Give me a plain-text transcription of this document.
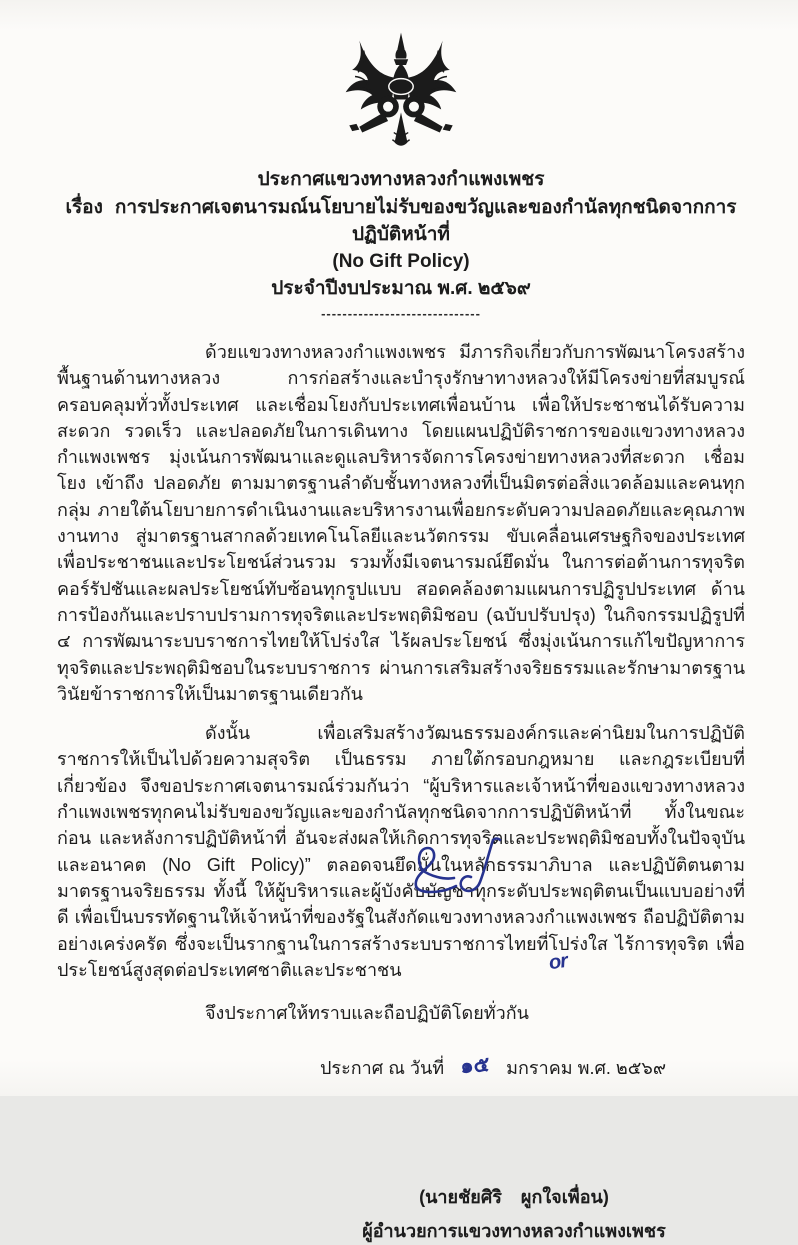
ประกาศแขวงทางหลวงกำแพงเพชร
เรื่อง การประกาศเจตนารมณ์นโยบายไม่รับของขวัญและของกำนัลทุกชนิดจากการปฏิบัติหน้าที่
(No Gift Policy)
ประจำปีงบประมาณ พ.ศ. ๒๕๖๙
------------------------------

ด้วยแขวงทางหลวงกำแพงเพชร มีภารกิจเกี่ยวกับการพัฒนาโครงสร้างพื้นฐานด้านทางหลวง การก่อสร้างและบำรุงรักษาทางหลวงให้มีโครงข่ายที่สมบูรณ์ครอบคลุมทั่วทั้งประเทศ และเชื่อมโยงกับประเทศเพื่อนบ้าน เพื่อให้ประชาชนได้รับความสะดวก รวดเร็ว และปลอดภัยในการเดินทาง โดยแผนปฏิบัติราชการของแขวงทางหลวงกำแพงเพชร มุ่งเน้นการพัฒนาและดูแลบริหารจัดการโครงข่ายทางหลวงที่สะดวก เชื่อมโยง เข้าถึง ปลอดภัย ตามมาตรฐานลำดับชั้นทางหลวงที่เป็นมิตรต่อสิ่งแวดล้อมและคนทุกกลุ่ม ภายใต้นโยบายการดำเนินงานและบริหารงานเพื่อยกระดับความปลอดภัยและคุณภาพงานทาง สู่มาตรฐานสากลด้วยเทคโนโลยีและนวัตกรรม ขับเคลื่อนเศรษฐกิจของประเทศ เพื่อประชาชนและประโยชน์ส่วนรวม รวมทั้งมีเจตนารมณ์ยึดมั่น ในการต่อต้านการทุจริตคอร์รัปชันและผลประโยชน์ทับซ้อนทุกรูปแบบ สอดคล้องตามแผนการปฏิรูปประเทศ ด้านการป้องกันและปราบปรามการทุจริตและประพฤติมิชอบ (ฉบับปรับปรุง) ในกิจกรรมปฏิรูปที่ ๔ การพัฒนาระบบราชการไทยให้โปร่งใส ไร้ผลประโยชน์ ซึ่งมุ่งเน้นการแก้ไขปัญหาการทุจริตและประพฤติมิชอบในระบบราชการ ผ่านการเสริมสร้างจริยธรรมและรักษามาตรฐานวินัยข้าราชการให้เป็นมาตรฐานเดียวกัน

ดังนั้น เพื่อเสริมสร้างวัฒนธรรมองค์กรและค่านิยมในการปฏิบัติราชการให้เป็นไปด้วยความสุจริต เป็นธรรม ภายใต้กรอบกฎหมาย และกฎระเบียบที่เกี่ยวข้อง จึงขอประกาศเจตนารมณ์ร่วมกันว่า “ผู้บริหารและเจ้าหน้าที่ของแขวงทางหลวงกำแพงเพชรทุกคนไม่รับของขวัญและของกำนัลทุกชนิดจากการปฏิบัติหน้าที่ ทั้งในขณะ ก่อน และหลังการปฏิบัติหน้าที่ อันจะส่งผลให้เกิดการทุจริตและประพฤติมิชอบทั้งในปัจจุบันและอนาคต (No Gift Policy)” ตลอดจนยึดมั่นในหลักธรรมาภิบาล และปฏิบัติตนตามมาตรฐานจริยธรรม ทั้งนี้ ให้ผู้บริหารและผู้บังคับบัญชาทุกระดับประพฤติตนเป็นแบบอย่างที่ดี เพื่อเป็นบรรทัดฐานให้เจ้าหน้าที่ของรัฐในสังกัดแขวงทางหลวงกำแพงเพชร ถือปฏิบัติตามอย่างเคร่งครัด ซึ่งจะเป็นรากฐานในการสร้างระบบราชการไทยที่โปร่งใส ไร้การทุจริต เพื่อประโยชน์สูงสุดต่อประเทศชาติและประชาชน

จึงประกาศให้ทราบและถือปฏิบัติโดยทั่วกัน
ประกาศ ณ วันที่ ๑๕ มกราคม พ.ศ. ๒๕๖๙
(นายชัยศิริ ผูกใจเพื่อน)
ผู้อำนวยการแขวงทางหลวงกำแพงเพชร
or
